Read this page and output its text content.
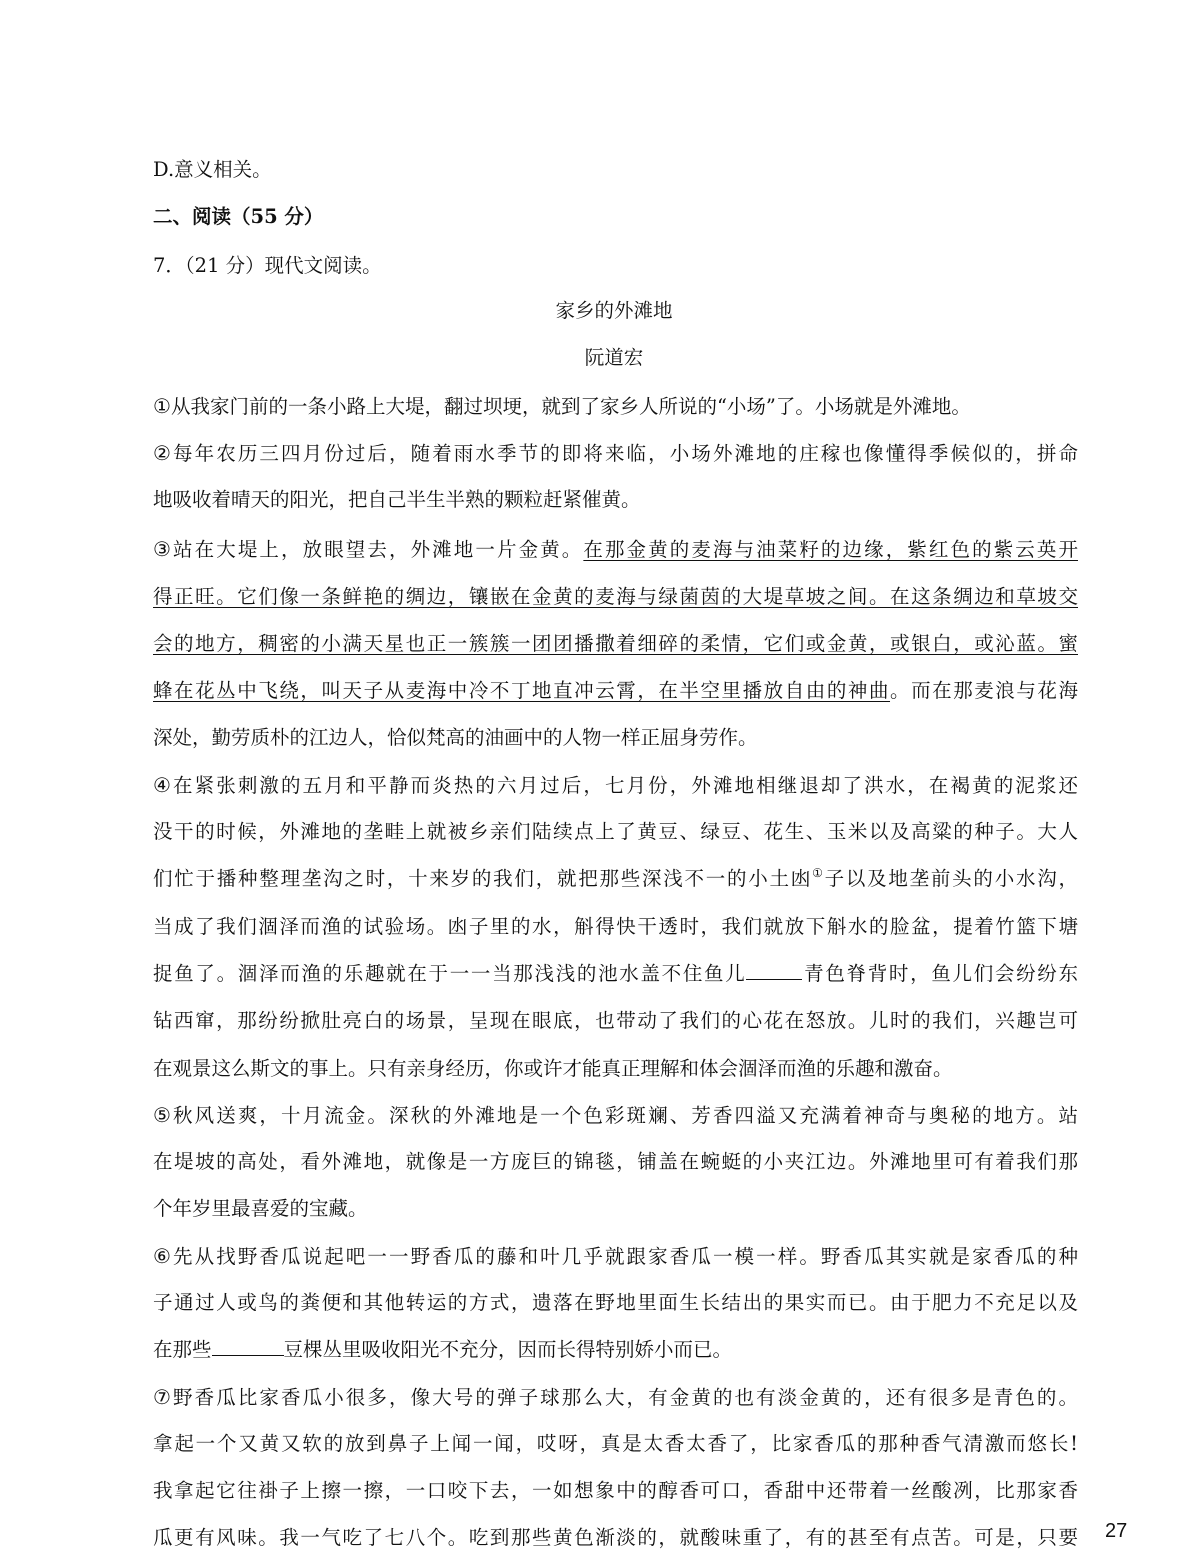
D.意义相关。
二、阅读（55 分）
7．（21 分）现代文阅读。
家乡的外滩地
阮道宏
①从我家门前的一条小路上大堤，翻过坝埂，就到了家乡人所说的“小场”了。小场就是外滩地。
②每年农历三四月份过后，随着雨水季节的即将来临，小场外滩地的庄稼也像懂得季候似的，拼命
地吸收着晴天的阳光，把自己半生半熟的颗粒赶紧催黄。
③站在大堤上，放眼望去，外滩地一片金黄。在那金黄的麦海与油菜籽的边缘，紫红色的紫云英开
得正旺。它们像一条鲜艳的绸边，镶嵌在金黄的麦海与绿菌茵的大堤草坡之间。在这条绸边和草坡交
会的地方，稠密的小满天星也正一簇簇一团团播撒着细碎的柔情，它们或金黄，或银白，或沁蓝。蜜
蜂在花丛中飞绕，叫天子从麦海中冷不丁地直冲云霄，在半空里播放自由的神曲。而在那麦浪与花海
深处，勤劳质朴的江边人，恰似梵高的油画中的人物一样正屈身劳作。
④在紧张刺激的五月和平静而炎热的六月过后，七月份，外滩地相继退却了洪水，在褐黄的泥浆还
没干的时候，外滩地的垄畦上就被乡亲们陆续点上了黄豆、绿豆、花生、玉米以及高粱的种子。大人
们忙于播种整理垄沟之时，十来岁的我们，就把那些深浅不一的小土凼①子以及地垄前头的小水沟，
当成了我们涸泽而渔的试验场。凼子里的水，斛得快干透时，我们就放下斛水的脸盆，提着竹篮下塘
捉鱼了。涸泽而渔的乐趣就在于一一当那浅浅的池水盖不住鱼儿	青色脊背时，鱼儿们会纷纷东
钻西窜，那纷纷掀肚亮白的场景，呈现在眼底，也带动了我们的心花在怒放。儿时的我们，兴趣岂可
在观景这么斯文的事上。只有亲身经历，你或许才能真正理解和体会涸泽而渔的乐趣和激奋。
⑤秋风送爽，十月流金。深秋的外滩地是一个色彩斑斓、芳香四溢又充满着神奇与奥秘的地方。站
在堤坡的高处，看外滩地，就像是一方庞巨的锦毯，铺盖在蜿蜓的小夹江边。外滩地里可有着我们那
个年岁里最喜爱的宝藏。
⑥先从找野香瓜说起吧一一野香瓜的藤和叶几乎就跟家香瓜一模一样。野香瓜其实就是家香瓜的种
子通过人或鸟的粪便和其他转运的方式，遗落在野地里面生长结出的果实而已。由于肥力不充足以及
在那些	豆棵丛里吸收阳光不充分，因而长得特别娇小而已。
⑦野香瓜比家香瓜小很多，像大号的弹子球那么大，有金黄的也有淡金黄的，还有很多是青色的。
拿起一个又黄又软的放到鼻子上闻一闻，哎呀，真是太香太香了，比家香瓜的那种香气清激而悠长!
我拿起它往褂子上擦一擦，一口咬下去，一如想象中的醇香可口，香甜中还带着一丝酸冽，比那家香
瓜更有风味。我一气吃了七八个。吃到那些黄色渐淡的，就酸味重了，有的甚至有点苦。可是，只要 27
